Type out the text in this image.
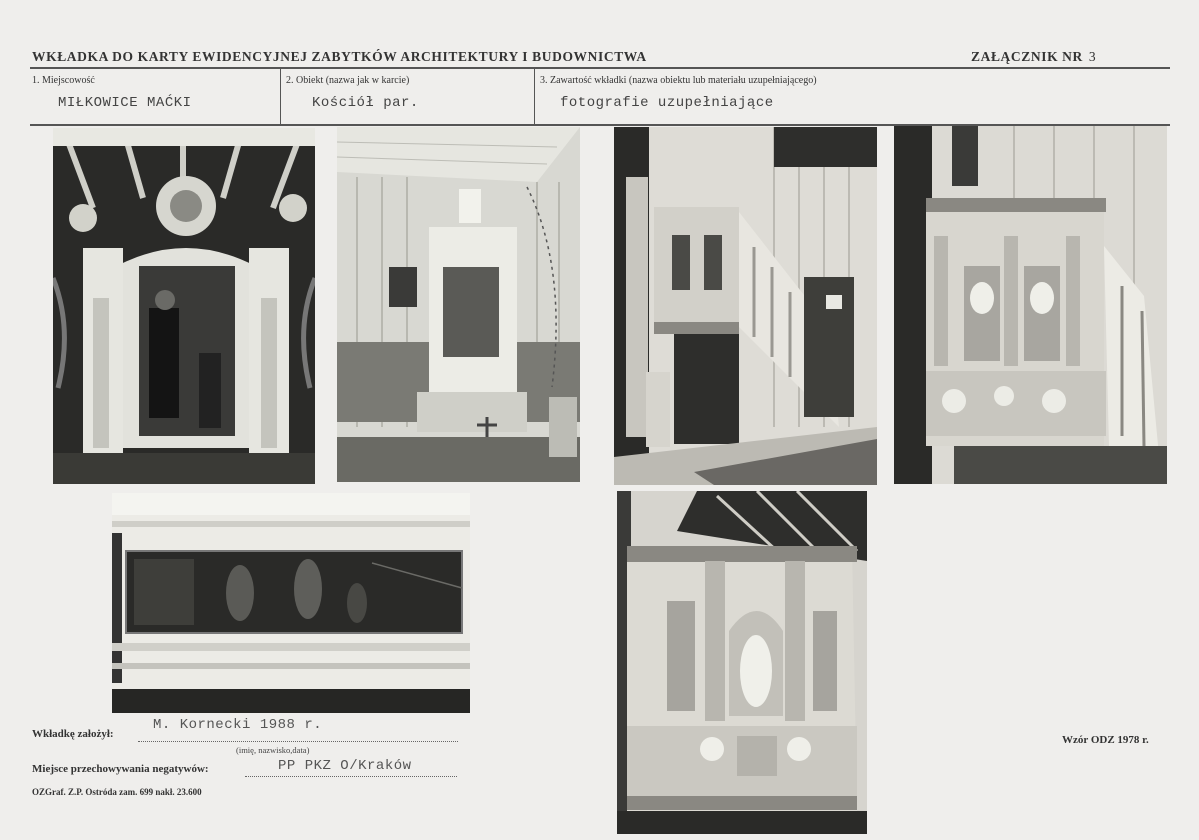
WKŁADKA DO KARTY EWIDENCYJNEJ ZABYTKÓW ARCHITEKTURY I BUDOWNICTWA	ZAŁĄCZNIK NR 3
1. Miejscowość
MIŁKOWICE MAĆKI
2. Obiekt (nazwa jak w karcie)
Kościół par.
3. Zawartość wkładki (nazwa obiektu lub materiału uzupełniającego)
fotografie uzupełniające
Wkładkę założył:
M. Kornecki 1988 r.
(imię, nazwisko,data)
Miejsce przechowywania negatywów:	PP PKZ O/Kraków
OZGraf. Z.P. Ostróda zam. 699 nakł. 23.600
Wzór ODZ 1978 r.
